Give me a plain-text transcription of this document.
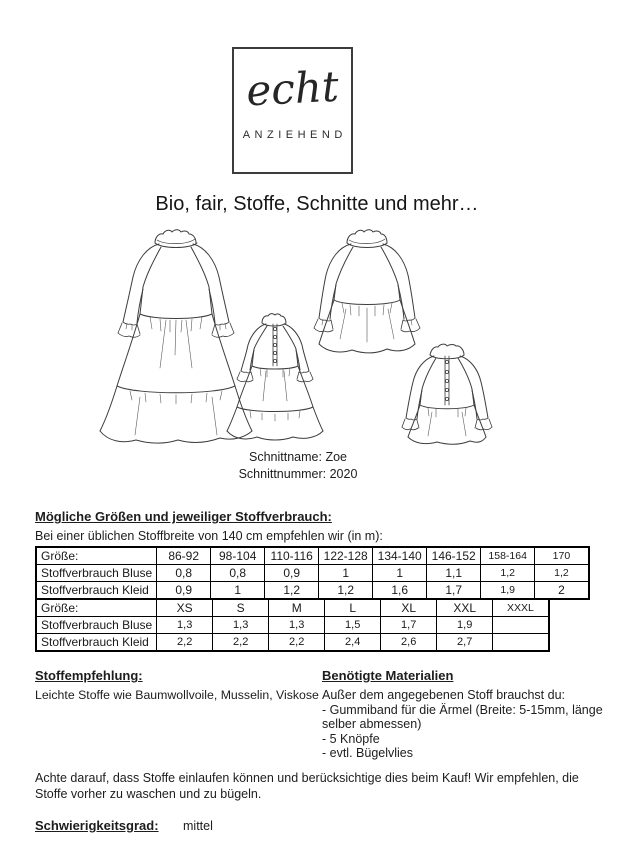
echt
ANZIEHEND
Bio, fair, Stoffe, Schnitte und mehr…
Schnittname: Zoe
Schnittnummer: 2020
Mögliche Größen und jeweiliger Stoffverbrauch:
Bei einer üblichen Stoffbreite von 140 cm empfehlen wir (in m):
Größe:	86-92	98-104	110-116	122-128	134-140	146-152	158-164	170
Stoffverbrauch Bluse	0,8	0,8	0,9	1	1	1,1	1,2	1,2
Stoffverbrauch Kleid	0,9	1	1,2	1,2	1,6	1,7	1,9	2
Größe:	XS	S	M	L	XL	XXL	XXXL
Stoffverbrauch Bluse	1,3	1,3	1,3	1,5	1,7	1,9	
Stoffverbrauch Kleid	2,2	2,2	2,2	2,4	2,6	2,7	
Stoffempfehlung:
Leichte Stoffe wie Baumwollvoile, Musselin, Viskose
Benötigte Materialien
Außer dem angegebenen Stoff brauchst du:
- Gummiband für die Ärmel (Breite: 5-15mm, länge selber abmessen)
- 5 Knöpfe
- evtl. Bügelvlies
Achte darauf, dass Stoffe einlaufen können und berücksichtige dies beim Kauf! Wir empfehlen, die Stoffe vorher zu waschen und zu bügeln.
Schwierigkeitsgrad: mittel
